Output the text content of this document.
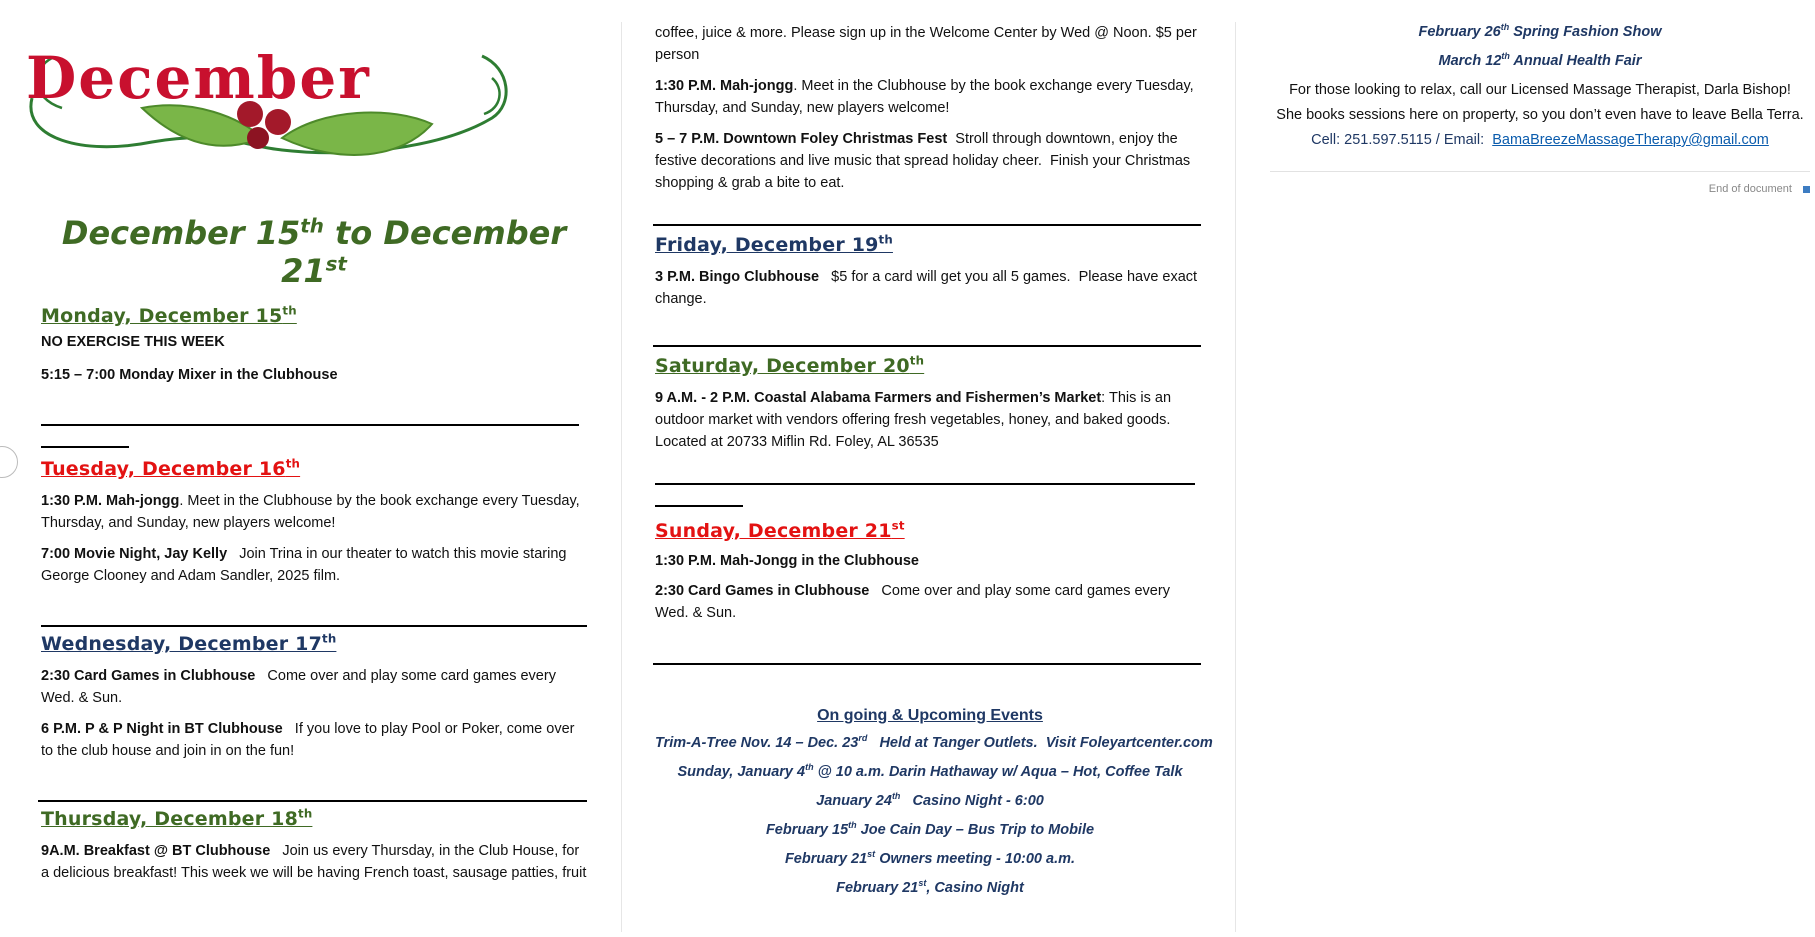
December
December 15th to December 21st

Monday, December 15th

NO EXERCISE THIS WEEK

5:15 – 7:00 Monday Mixer in the Clubhouse

Tuesday, December 16th

1:30 P.M. Mah-jongg. Meet in the Clubhouse by the book exchange every Tuesday, Thursday, and Sunday, new players welcome!

7:00 Movie Night, Jay Kelly   Join Trina in our theater to watch this movie staring George Clooney and Adam Sandler, 2025 film.

Wednesday, December 17th

2:30 Card Games in Clubhouse   Come over and play some card games every Wed. & Sun.

6 P.M. P & P Night in BT Clubhouse   If you love to play Pool or Poker, come over to the club house and join in on the fun!

Thursday, December 18th

9A.M. Breakfast @ BT Clubhouse   Join us every Thursday, in the Club House, for a delicious breakfast! This week we will be having French toast, sausage patties, fruit

coffee, juice & more. Please sign up in the Welcome Center by Wed @ Noon. $5 per person

1:30 P.M. Mah-jongg. Meet in the Clubhouse by the book exchange every Tuesday, Thursday, and Sunday, new players welcome!

5 – 7 P.M. Downtown Foley Christmas Fest  Stroll through downtown, enjoy the festive decorations and live music that spread holiday cheer.  Finish your Christmas shopping & grab a bite to eat.

Friday, December 19th

3 P.M. Bingo Clubhouse   $5 for a card will get you all 5 games.  Please have exact change.

Saturday, December 20th

9 A.M. - 2 P.M. Coastal Alabama Farmers and Fishermen’s Market: This is an outdoor market with vendors offering fresh vegetables, honey, and baked goods. Located at 20733 Miflin Rd. Foley, AL 36535

Sunday, December 21st

1:30 P.M. Mah-Jongg in the Clubhouse

2:30 Card Games in Clubhouse   Come over and play some card games every Wed. & Sun.

On going & Upcoming Events

Trim-A-Tree Nov. 14 – Dec. 23rd   Held at Tanger Outlets.  Visit Foleyartcenter.com

Sunday, January 4th @ 10 a.m. Darin Hathaway w/ Aqua – Hot, Coffee Talk

January 24th   Casino Night - 6:00

February 15th Joe Cain Day – Bus Trip to Mobile

February 21st Owners meeting - 10:00 a.m.

February 21st, Casino Night

February 26th Spring Fashion Show

March 12th Annual Health Fair

For those looking to relax, call our Licensed Massage Therapist, Darla Bishop!

She books sessions here on property, so you don’t even have to leave Bella Terra.

Cell: 251.597.5115 / Email:  BamaBreezeMassageTherapy@gmail.com

End of document
